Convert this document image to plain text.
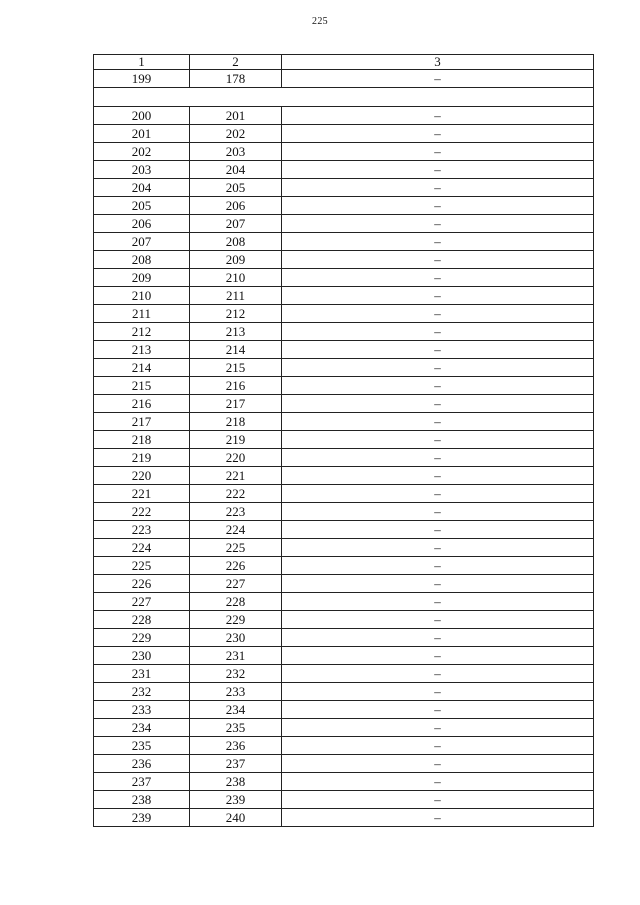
225
1	2	3
199	178	–

200	201	–
201	202	–
202	203	–
203	204	–
204	205	–
205	206	–
206	207	–
207	208	–
208	209	–
209	210	–
210	211	–
211	212	–
212	213	–
213	214	–
214	215	–
215	216	–
216	217	–
217	218	–
218	219	–
219	220	–
220	221	–
221	222	–
222	223	–
223	224	–
224	225	–
225	226	–
226	227	–
227	228	–
228	229	–
229	230	–
230	231	–
231	232	–
232	233	–
233	234	–
234	235	–
235	236	–
236	237	–
237	238	–
238	239	–
239	240	–
